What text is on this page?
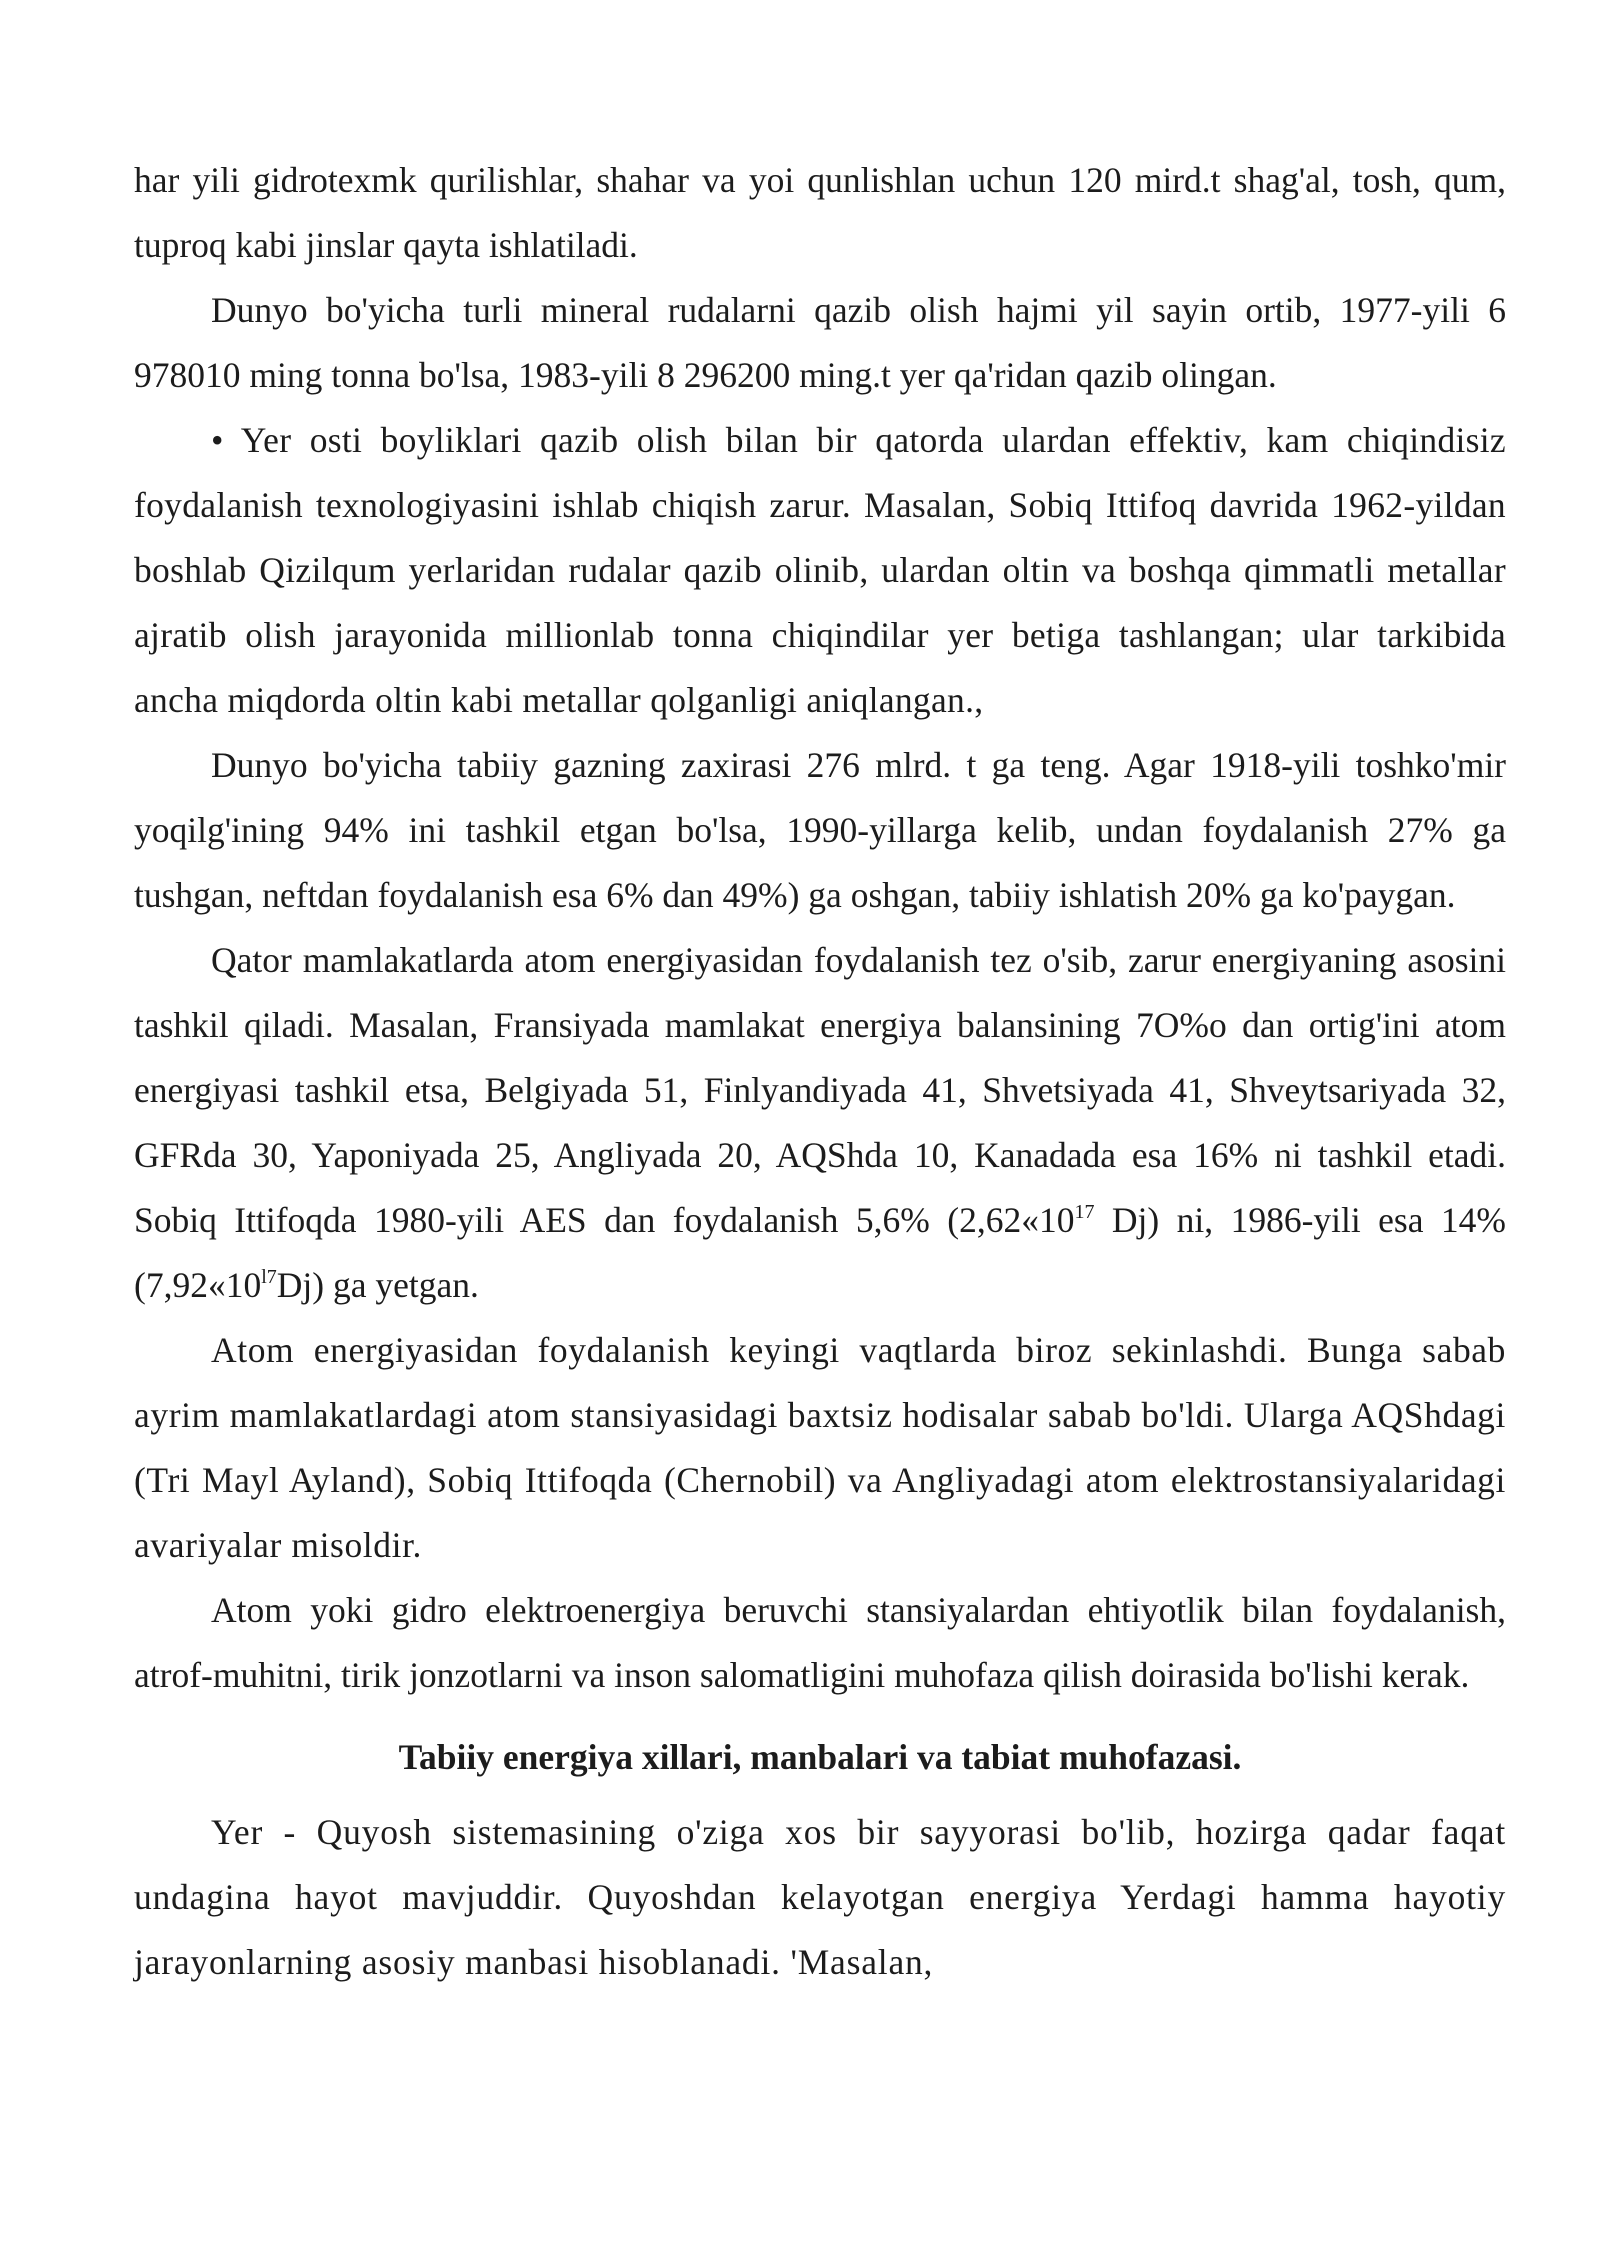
har yili gidrotexmk qurilishlar, shahar va yoi qunlishlan uchun 120 mird.t shag'al, tosh, qum, tuproq kabi jinslar qayta ishlatiladi.

Dunyo bo'yicha turli mineral rudalarni qazib olish hajmi yil sayin ortib, 1977-yili 6 978010 ming tonna bo'lsa, 1983-yili 8 296200 ming.t yer qa'ridan qazib olingan.

• Yer osti boyliklari qazib olish bilan bir qatorda ulardan effektiv, kam chiqindisiz foydalanish texnologiyasini ishlab chiqish zarur. Masalan, Sobiq Ittifoq davrida 1962-yildan boshlab Qizilqum yerlaridan rudalar qazib olinib, ulardan oltin va boshqa qimmatli metallar ajratib olish jarayonida millionlab tonna chiqindilar yer betiga tashlangan; ular tarkibida ancha miqdorda oltin kabi metallar qolganligi aniqlangan.,

Dunyo bo'yicha tabiiy gazning zaxirasi 276 mlrd. t ga teng. Agar 1918-yili toshko'mir yoqilg'ining 94% ini tashkil etgan bo'lsa, 1990-yillarga kelib, undan foydalanish 27% ga tushgan, neftdan foydalanish esa 6% dan 49%) ga oshgan, tabiiy ishlatish 20% ga ko'paygan.

Qator mamlakatlarda atom energiyasidan foydalanish tez o'sib, zarur energiyaning asosini tashkil qiladi. Masalan, Fransiyada mamlakat energiya balansining 7O%o dan ortig'ini atom energiyasi tashkil etsa, Belgiyada 51, Finlyandiyada 41, Shvetsiyada 41, Shveytsariyada 32, GFRda 30, Yaponiyada 25, Angliyada 20, AQShda 10, Kanadada esa 16% ni tashkil etadi. Sobiq Ittifoqda 1980-yili AES dan foydalanish 5,6% ($2,62«10^{17}$ Dj) ni, 1986-yili esa 14% $(7,92«10^{l7}Dj)$ ga yetgan.

Atom energiyasidan foydalanish keyingi vaqtlarda biroz sekinlashdi. Bunga sabab ayrim mamlakatlardagi atom stansiyasidagi baxtsiz hodisalar sabab bo'ldi. Ularga AQShdagi (Tri Mayl Ayland), Sobiq Ittifoqda (Chernobil) va Angliyadagi atom elektrostansiyalaridagi avariyalar misoldir.

Atom yoki gidro elektroenergiya beruvchi stansiyalardan ehtiyotlik bilan foydalanish, atrof-muhitni, tirik jonzotlarni va inson salomatligini muhofaza qilish doirasida bo'lishi kerak.

Tabiiy energiya xillari, manbalari va tabiat muhofazasi.

Yer - Quyosh sistemasining o'ziga xos bir sayyorasi bo'lib, hozirga qadar faqat undagina hayot mavjuddir. Quyoshdan kelayotgan energiya Yerdagi hamma hayotiy jarayonlarning asosiy manbasi hisoblanadi. 'Masalan,
